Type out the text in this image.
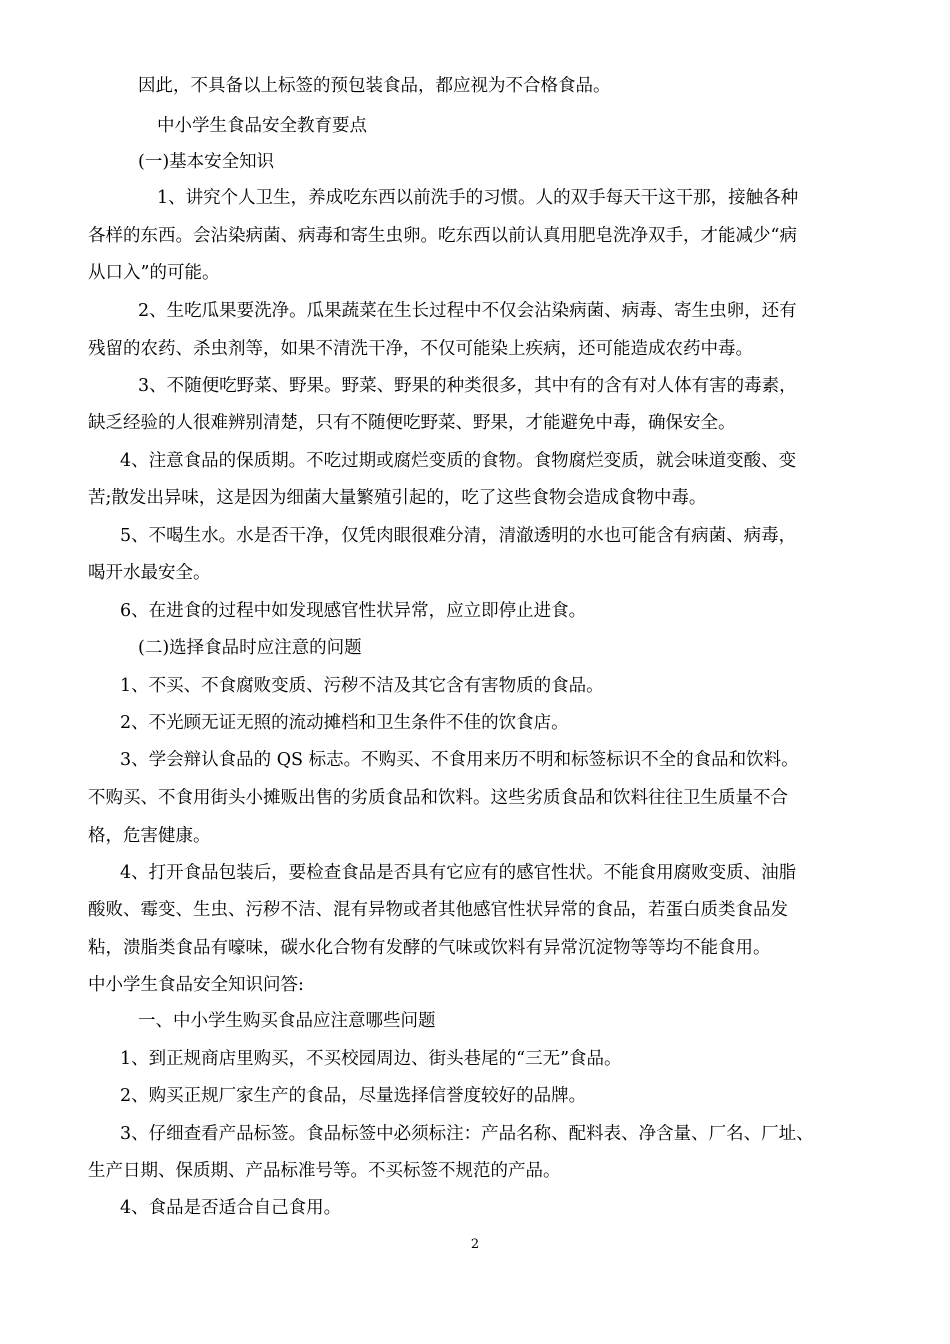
因此，不具备以上标签的预包装食品，都应视为不合格食品。

中小学生食品安全教育要点

(一)基本安全知识

1、讲究个人卫生，养成吃东西以前洗手的习惯。人的双手每天干这干那，接触各种

各样的东西。会沾染病菌、病毒和寄生虫卵。吃东西以前认真用肥皂洗净双手，才能减少“病

从口入”的可能。

2、生吃瓜果要洗净。瓜果蔬菜在生长过程中不仅会沾染病菌、病毒、寄生虫卵，还有

残留的农药、杀虫剂等，如果不清洗干净，不仅可能染上疾病，还可能造成农药中毒。

3、不随便吃野菜、野果。野菜、野果的种类很多，其中有的含有对人体有害的毒素，

缺乏经验的人很难辨别清楚，只有不随便吃野菜、野果，才能避免中毒，确保安全。

4、注意食品的保质期。不吃过期或腐烂变质的食物。食物腐烂变质，就会味道变酸、变

苦;散发出异味，这是因为细菌大量繁殖引起的，吃了这些食物会造成食物中毒。

5、不喝生水。水是否干净，仅凭肉眼很难分清，清澈透明的水也可能含有病菌、病毒，

喝开水最安全。

6、在进食的过程中如发现感官性状异常，应立即停止进食。

(二)选择食品时应注意的问题

1、不买、不食腐败变质、污秽不洁及其它含有害物质的食品。

2、不光顾无证无照的流动摊档和卫生条件不佳的饮食店。

3、学会辩认食品的 QS 标志。不购买、不食用来历不明和标签标识不全的食品和饮料。

不购买、不食用街头小摊贩出售的劣质食品和饮料。这些劣质食品和饮料往往卫生质量不合

格，危害健康。

4、打开食品包装后，要检查食品是否具有它应有的感官性状。不能食用腐败变质、油脂

酸败、霉变、生虫、污秽不洁、混有异物或者其他感官性状异常的食品，若蛋白质类食品发

粘，溃脂类食品有嚎味，碳水化合物有发酵的气味或饮料有异常沉淀物等等均不能食用。

中小学生食品安全知识问答:

一、中小学生购买食品应注意哪些问题

1、到正规商店里购买，不买校园周边、街头巷尾的“三无”食品。

2、购买正规厂家生产的食品，尽量选择信誉度较好的品牌。

3、仔细查看产品标签。食品标签中必须标注：产品名称、配料表、净含量、厂名、厂址、

生产日期、保质期、产品标准号等。不买标签不规范的产品。

4、食品是否适合自己食用。

2
